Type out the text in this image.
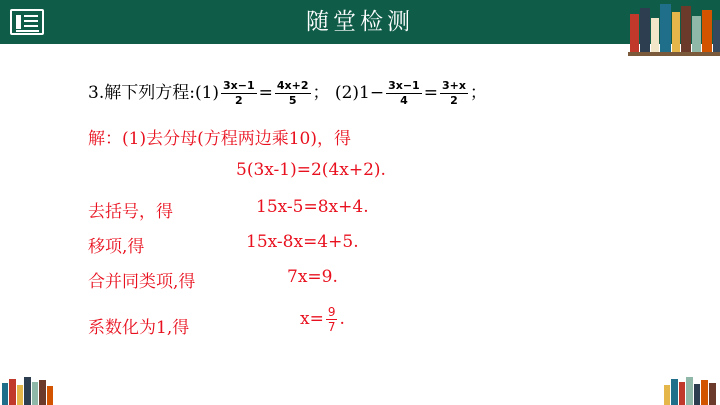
随堂检测
3.解下列方程:(1) $\frac{3x-1}{2} = \frac{4x+2}{5}$ ； $(2)1- \frac{3x-1}{4} = \frac{3+x}{2}$ ；
解：(1)去分母(方程两边乘10)，得
5(3x-1)=2(4x+2).
去括号，得	15x-5=8x+4.
移项,得	15x-8x=4+5.
合并同类项,得	7x=9.
系数化为1,得	$x= \frac{9}{7}$ .
